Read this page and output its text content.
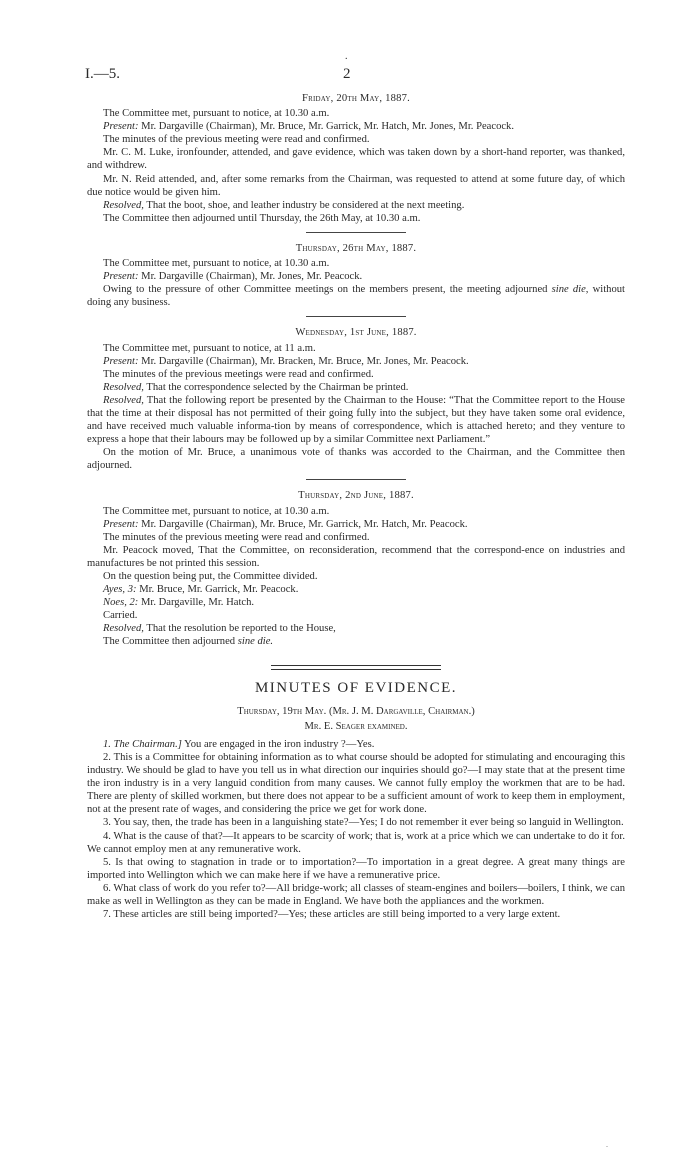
.
I.—5.	2
Friday, 20th May, 1887.

The Committee met, pursuant to notice, at 10.30 a.m.

Present: Mr. Dargaville (Chairman), Mr. Bruce, Mr. Garrick, Mr. Hatch, Mr. Jones, Mr. Peacock.

The minutes of the previous meeting were read and confirmed.

Mr. C. M. Luke, ironfounder, attended, and gave evidence, which was taken down by a short-hand reporter, was thanked, and withdrew.

Mr. N. Reid attended, and, after some remarks from the Chairman, was requested to attend at some future day, of which due notice would be given him.

Resolved, That the boot, shoe, and leather industry be considered at the next meeting.

The Committee then adjourned until Thursday, the 26th May, at 10.30 a.m.

Thursday, 26th May, 1887.

The Committee met, pursuant to notice, at 10.30 a.m.

Present: Mr. Dargaville (Chairman), Mr. Jones, Mr. Peacock.

Owing to the pressure of other Committee meetings on the members present, the meeting adjourned sine die, without doing any business.

Wednesday, 1st June, 1887.

The Committee met, pursuant to notice, at 11 a.m.

Present: Mr. Dargaville (Chairman), Mr. Bracken, Mr. Bruce, Mr. Jones, Mr. Peacock.

The minutes of the previous meetings were read and confirmed.

Resolved, That the correspondence selected by the Chairman be printed.

Resolved, That the following report be presented by the Chairman to the House: “That the Committee report to the House that the time at their disposal has not permitted of their going fully into the subject, but they have taken some oral evidence, and have received much valuable informa-tion by means of correspondence, which is attached hereto; and they venture to express a hope that their labours may be followed up by a similar Committee next Parliament.”

On the motion of Mr. Bruce, a unanimous vote of thanks was accorded to the Chairman, and the Committee then adjourned.

Thursday, 2nd June, 1887.

The Committee met, pursuant to notice, at 10.30 a.m.

Present: Mr. Dargaville (Chairman), Mr. Bruce, Mr. Garrick, Mr. Hatch, Mr. Peacock.

The minutes of the previous meeting were read and confirmed.

Mr. Peacock moved, That the Committee, on reconsideration, recommend that the correspond-ence on industries and manufactures be not printed this session.

On the question being put, the Committee divided.

Ayes, 3: Mr. Bruce, Mr. Garrick, Mr. Peacock.

Noes, 2: Mr. Dargaville, Mr. Hatch.

Carried.

Resolved, That the resolution be reported to the House,

The Committee then adjourned sine die.

MINUTES OF EVIDENCE.
Thursday, 19th May. (Mr. J. M. Dargaville, Chairman.)
Mr. E. Seager examined.

1. The Chairman.] You are engaged in the iron industry ?—Yes.

2. This is a Committee for obtaining information as to what course should be adopted for stimulating and encouraging this industry. We should be glad to have you tell us in what direction our inquiries should go?—I may state that at the present time the iron industry is in a very languid condition from many causes. We cannot fully employ the workmen that are to be had. There are plenty of skilled workmen, but there does not appear to be a sufficient amount of work to keep them in employment, not at the present rate of wages, and considering the price we get for work done.

3. You say, then, the trade has been in a languishing state?—Yes; I do not remember it ever being so languid in Wellington.

4. What is the cause of that?—It appears to be scarcity of work; that is, work at a price which we can undertake to do it for. We cannot employ men at any remunerative work.

5. Is that owing to stagnation in trade or to importation?—To importation in a great degree. A great many things are imported into Wellington which we can make here if we have a remunerative price.

6. What class of work do you refer to?—All bridge-work; all classes of steam-engines and boilers—boilers, I think, we can make as well in Wellington as they can be made in England. We have both the appliances and the workmen.

7. These articles are still being imported?—Yes; these articles are still being imported to a very large extent.

.
